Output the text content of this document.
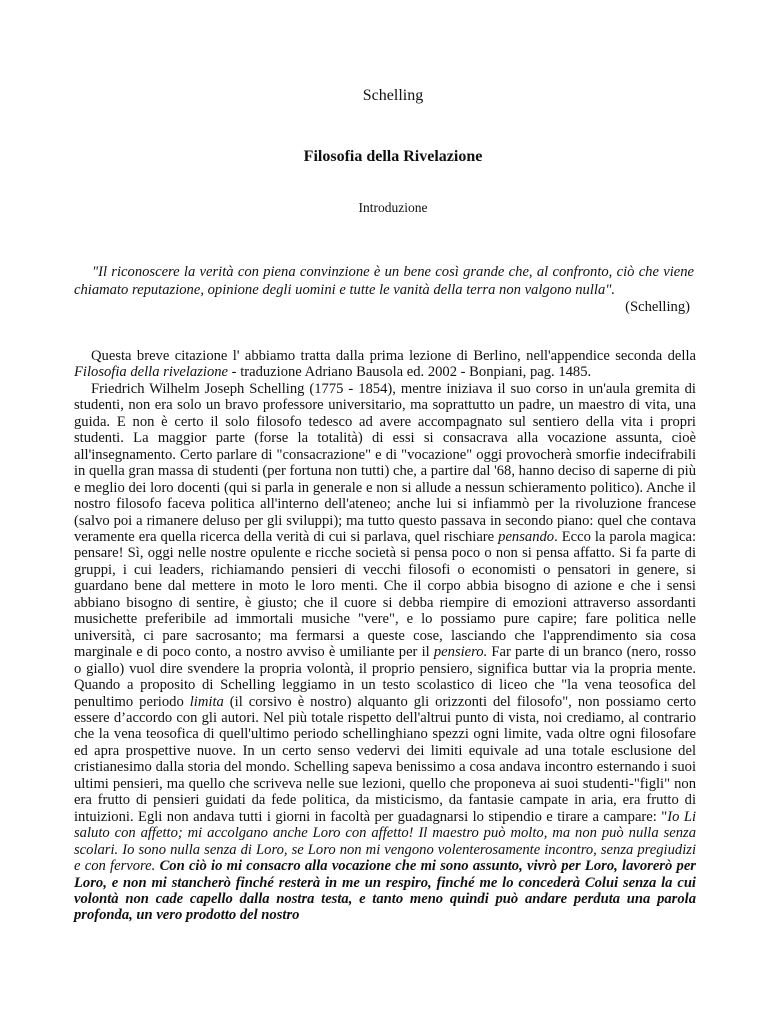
Schelling
Filosofia della Rivelazione
Introduzione
"Il riconoscere la verità con piena convinzione è un bene così grande che, al confronto, ciò che viene chiamato reputazione, opinione degli uomini e tutte le vanità della terra non valgono nulla".
(Schelling)

Questa breve citazione l' abbiamo tratta dalla prima lezione di Berlino, nell'appendice seconda della Filosofia della rivelazione - traduzione Adriano Bausola ed. 2002 - Bonpiani, pag. 1485.

Friedrich Wilhelm Joseph Schelling (1775 - 1854), mentre iniziava il suo corso in un'aula gremita di studenti, non era solo un bravo professore universitario, ma soprattutto un padre, un maestro di vita, una guida. E non è certo il solo filosofo tedesco ad avere accompagnato sul sentiero della vita i propri studenti. La maggior parte (forse la totalità) di essi si consacrava alla vocazione assunta, cioè all'insegnamento. Certo parlare di "consacrazione" e di "vocazione" oggi provocherà smorfie indecifrabili in quella gran massa di studenti (per fortuna non tutti) che, a partire dal '68, hanno deciso di saperne di più e meglio dei loro docenti (qui si parla in generale e non si allude a nessun schieramento politico). Anche il nostro filosofo faceva politica all'interno dell'ateneo; anche lui si infiammò per la rivoluzione francese (salvo poi a rimanere deluso per gli sviluppi); ma tutto questo passava in secondo piano: quel che contava veramente era quella ricerca della verità di cui si parlava, quel rischiare pensando. Ecco la parola magica: pensare! Sì, oggi nelle nostre opulente e ricche società si pensa poco o non si pensa affatto. Si fa parte di gruppi, i cui leaders, richiamando pensieri di vecchi filosofi o economisti o pensatori in genere, si guardano bene dal mettere in moto le loro menti. Che il corpo abbia bisogno di azione e che i sensi abbiano bisogno di sentire, è giusto; che il cuore si debba riempire di emozioni attraverso assordanti musichette preferibile ad immortali musiche "vere", e lo possiamo pure capire; fare politica nelle università, ci pare sacrosanto; ma fermarsi a queste cose, lasciando che l'apprendimento sia cosa marginale e di poco conto, a nostro avviso è umiliante per il pensiero. Far parte di un branco (nero, rosso o giallo) vuol dire svendere la propria volontà, il proprio pensiero, significa buttar via la propria mente. Quando a proposito di Schelling leggiamo in un testo scolastico di liceo che "la vena teosofica del penultimo periodo limita (il corsivo è nostro) alquanto gli orizzonti del filosofo", non possiamo certo essere d’accordo con gli autori. Nel più totale rispetto dell'altrui punto di vista, noi crediamo, al contrario che la vena teosofica di quell'ultimo periodo schellinghiano spezzi ogni limite, vada oltre ogni filosofare ed apra prospettive nuove. In un certo senso vedervi dei limiti equivale ad una totale esclusione del cristianesimo dalla storia del mondo. Schelling sapeva benissimo a cosa andava incontro esternando i suoi ultimi pensieri, ma quello che scriveva nelle sue lezioni, quello che proponeva ai suoi studenti-"figli" non era frutto di pensieri guidati da fede politica, da misticismo, da fantasie campate in aria, era frutto di intuizioni. Egli non andava tutti i giorni in facoltà per guadagnarsi lo stipendio e tirare a campare: "Io Li saluto con affetto; mi accolgano anche Loro con affetto! Il maestro può molto, ma non può nulla senza scolari. Io sono nulla senza di Loro, se Loro non mi vengono volenterosamente incontro, senza pregiudizi e con fervore. Con ciò io mi consacro alla vocazione che mi sono assunto, vivrò per Loro, lavorerò per Loro, e non mi stancherò finché resterà in me un respiro, finché me lo concederà Colui senza la cui volontà non cade capello dalla nostra testa, e tanto meno quindi può andare perduta una parola profonda, un vero prodotto del nostro
